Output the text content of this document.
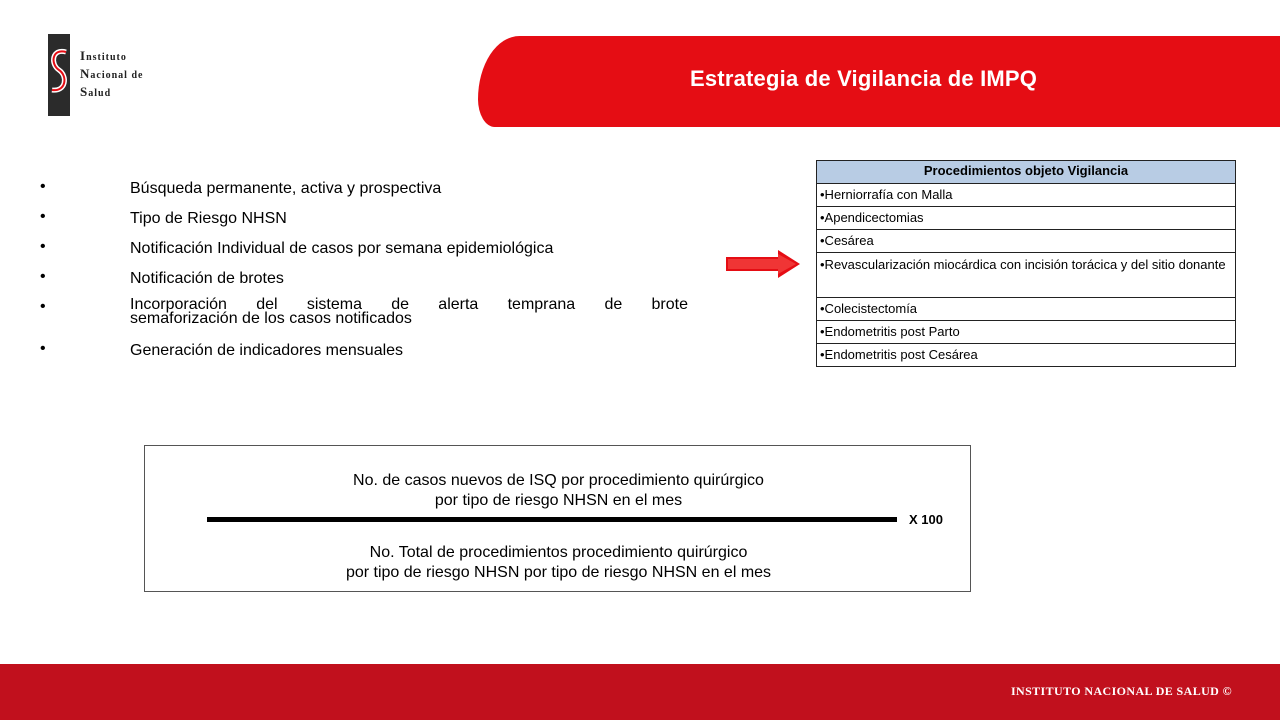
Instituto
Nacional de
Salud
Estrategia de Vigilancia de IMPQ
•	Búsqueda permanente, activa y prospectiva
•	Tipo de Riesgo NHSN
•	Notificación Individual de casos por semana epidemiológica
•	Notificación de brotes
•	Incorporación del sistema de alerta temprana de brote
semaforización de los casos notificados
•	Generación de indicadores mensuales
Procedimientos objeto Vigilancia
•Herniorrafía con Malla
•Apendicectomias
•Cesárea
•Revascularización miocárdica con incisión torácica y del sitio donante
•Colecistectomía
•Endometritis post Parto
•Endometritis post Cesárea
No. de casos nuevos de ISQ por procedimiento quirúrgico
por tipo de riesgo NHSN en el mes
X 100
No. Total de procedimientos procedimiento quirúrgico
por tipo de riesgo NHSN por tipo de riesgo NHSN en el mes
INSTITUTO NACIONAL DE SALUD ©
